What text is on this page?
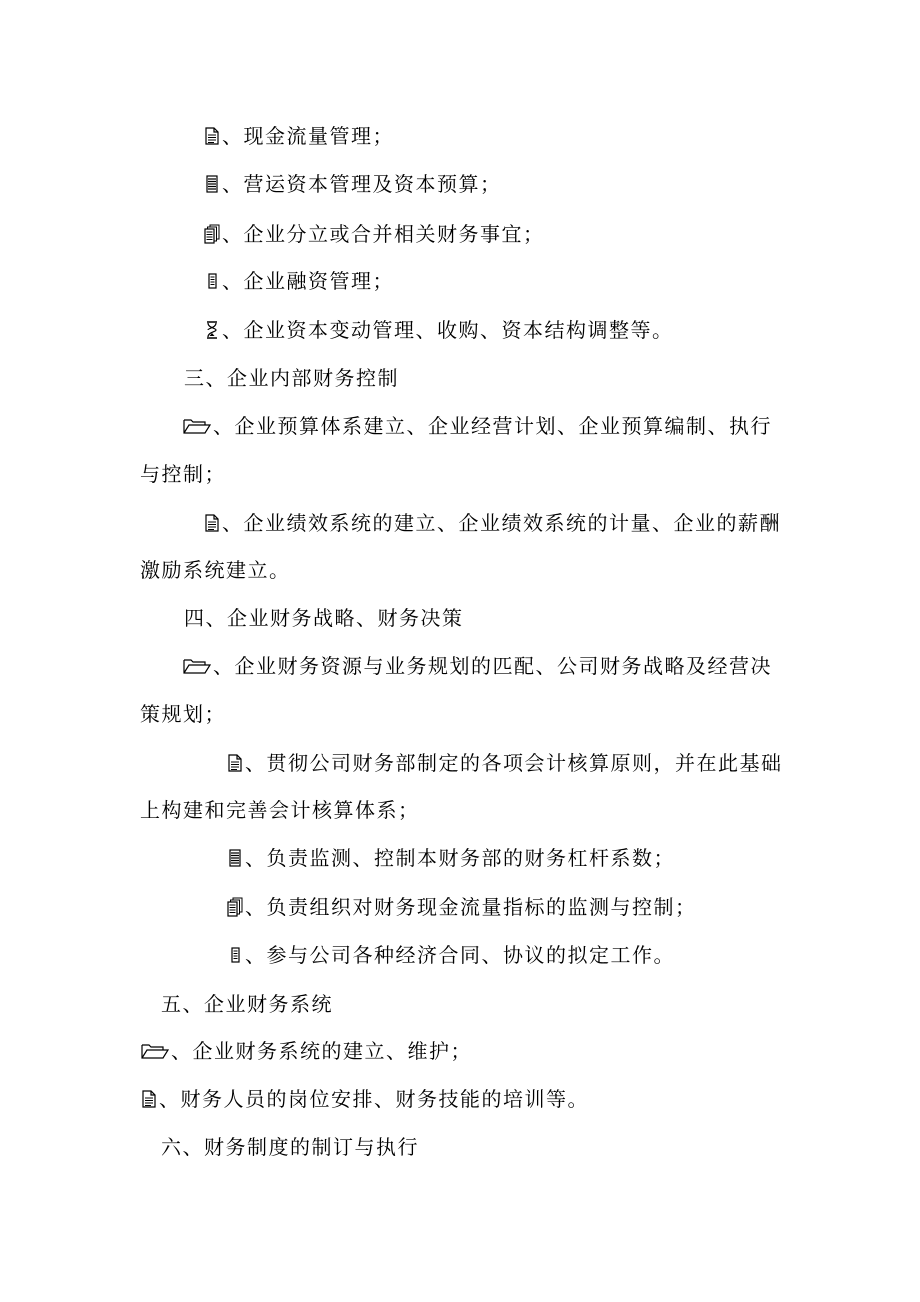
、现金流量管理；
、营运资本管理及资本预算；
、企业分立或合并相关财务事宜；
、企业融资管理；
、企业资本变动管理、收购、资本结构调整等。
三、企业内部财务控制
、企业预算体系建立、企业经营计划、企业预算编制、执行
与控制；
、企业绩效系统的建立、企业绩效系统的计量、企业的薪酬
激励系统建立。
四、企业财务战略、财务决策
、企业财务资源与业务规划的匹配、公司财务战略及经营决
策规划；
、贯彻公司财务部制定的各项会计核算原则，并在此基础
上构建和完善会计核算体系；
、负责监测、控制本财务部的财务杠杆系数；
、负责组织对财务现金流量指标的监测与控制；
、参与公司各种经济合同、协议的拟定工作。
五、企业财务系统
、企业财务系统的建立、维护；
、财务人员的岗位安排、财务技能的培训等。
六、财务制度的制订与执行
